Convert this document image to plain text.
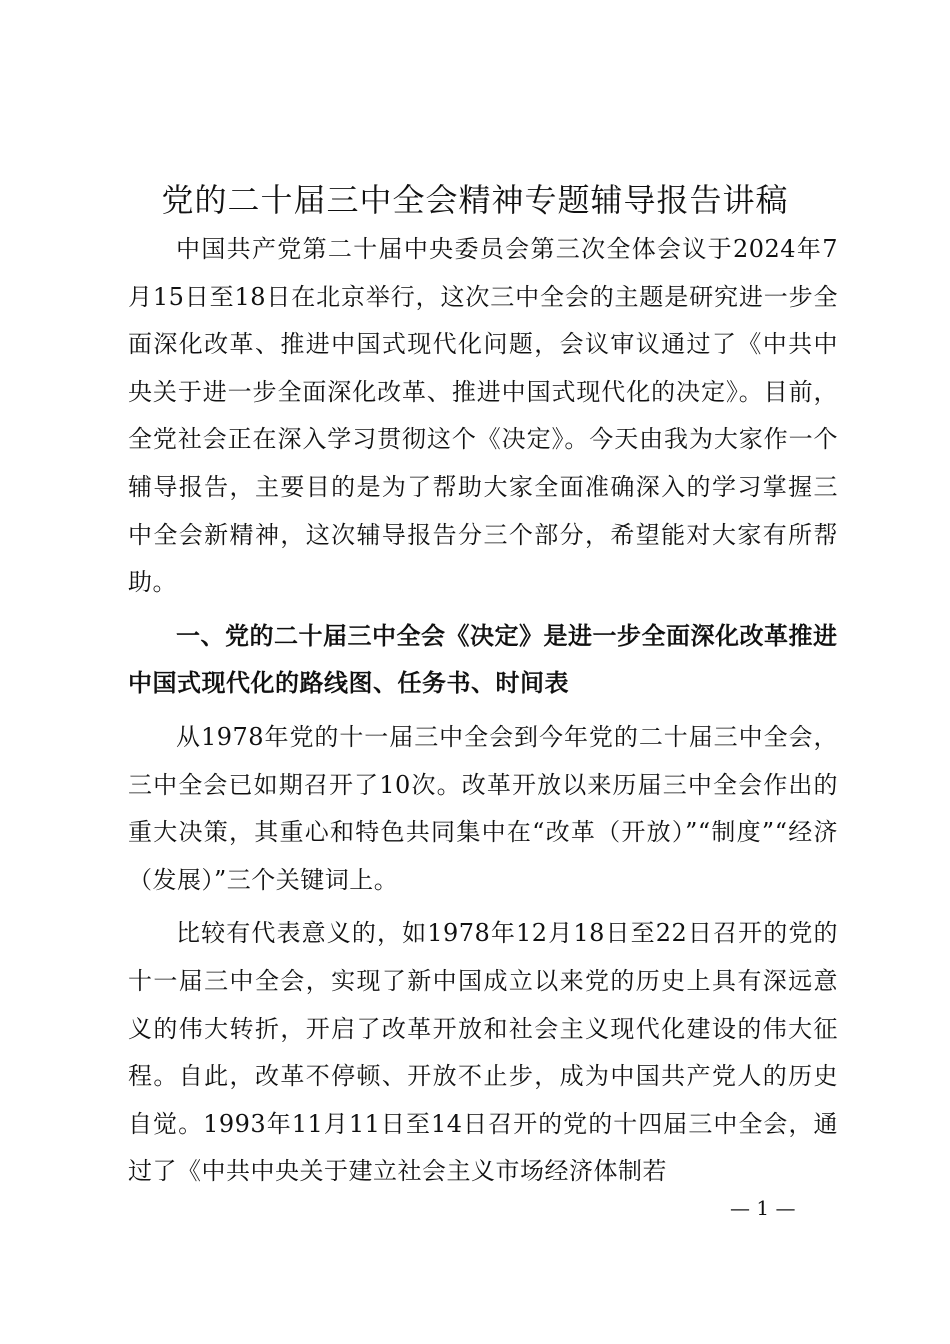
党的二十届三中全会精神专题辅导报告讲稿

中国共产党第二十届中央委员会第三次全体会议于2024年7月15日至18日在北京举行，这次三中全会的主题是研究进一步全面深化改革、推进中国式现代化问题，会议审议通过了《中共中央关于进一步全面深化改革、推进中国式现代化的决定》。目前，全党社会正在深入学习贯彻这个《决定》。今天由我为大家作一个辅导报告，主要目的是为了帮助大家全面准确深入的学习掌握三中全会新精神，这次辅导报告分三个部分，希望能对大家有所帮助。

一、党的二十届三中全会《决定》是进一步全面深化改革推进中国式现代化的路线图、任务书、时间表

从1978年党的十一届三中全会到今年党的二十届三中全会，三中全会已如期召开了10次。改革开放以来历届三中全会作出的重大决策，其重心和特色共同集中在“改革（开放）”“制度”“经济（发展）”三个关键词上。

比较有代表意义的，如1978年12月18日至22日召开的党的十一届三中全会，实现了新中国成立以来党的历史上具有深远意义的伟大转折，开启了改革开放和社会主义现代化建设的伟大征程。自此，改革不停顿、开放不止步，成为中国共产党人的历史自觉。1993年11月11日至14日召开的党的十四届三中全会，通过了《中共中央关于建立社会主义市场经济体制若

— 1 —
